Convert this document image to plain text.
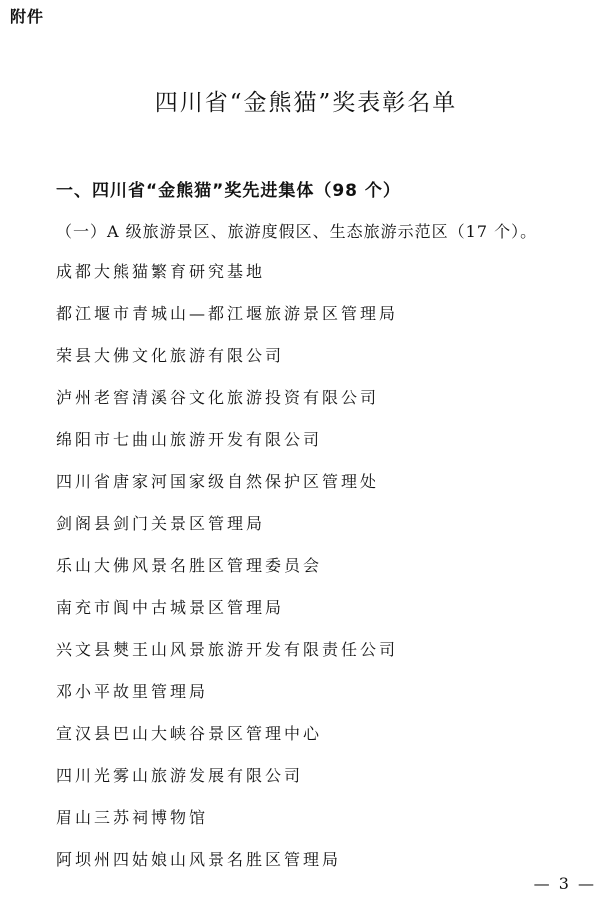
附件
四川省“金熊猫”奖表彰名单
一、四川省“金熊猫”奖先进集体（98 个）
（一）A 级旅游景区、旅游度假区、生态旅游示范区（17 个）。
成都大熊猫繁育研究基地
都江堰市青城山—都江堰旅游景区管理局
荣县大佛文化旅游有限公司
泸州老窖清溪谷文化旅游投资有限公司
绵阳市七曲山旅游开发有限公司
四川省唐家河国家级自然保护区管理处
剑阁县剑门关景区管理局
乐山大佛风景名胜区管理委员会
南充市阆中古城景区管理局
兴文县僰王山风景旅游开发有限责任公司
邓小平故里管理局
宣汉县巴山大峡谷景区管理中心
四川光雾山旅游发展有限公司
眉山三苏祠博物馆
阿坝州四姑娘山风景名胜区管理局
— 3 —
